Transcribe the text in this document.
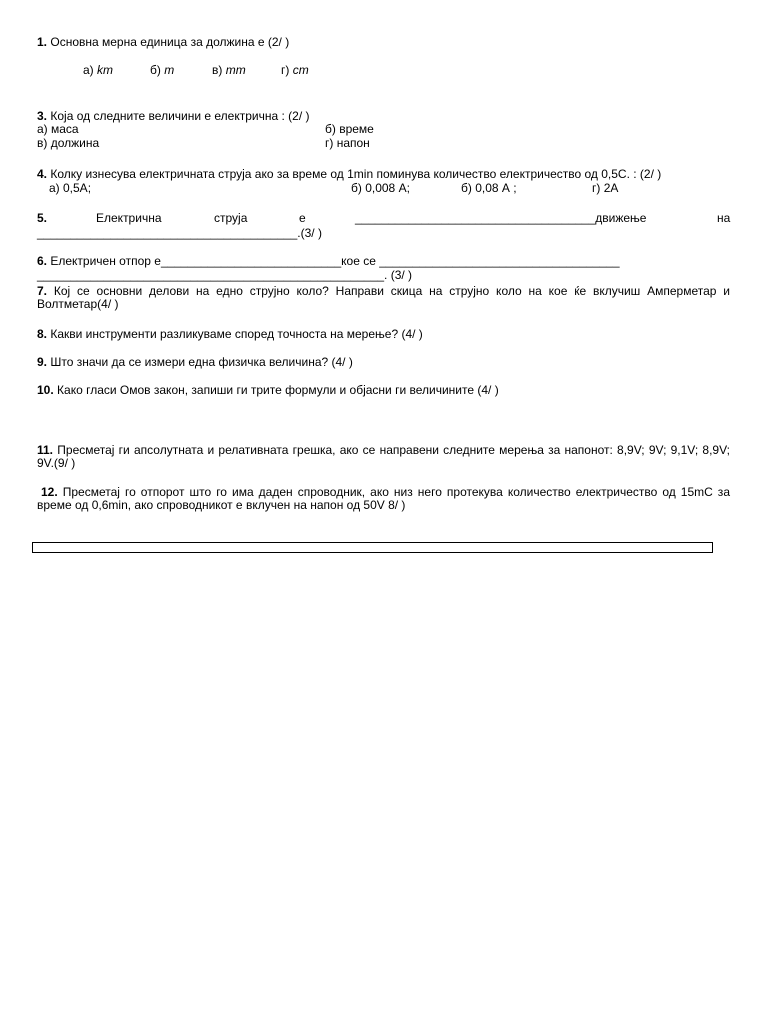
1. Основна мерна единица за должина е (2/ )
а) km	б) m	в) mm	г) cm
3. Која од следните величини е електрична : (2/ )
а) маса	б) време
в) должина	г) напон
4. Колку изнесува електричната струја ако за време од 1min поминува количество електричество од 0,5C. : (2/ )
а) 0,5А;	б) 0,008 А;	б) 0,08 А ;	г) 2А
5.	Електрична	струја	е	____________________________________движење	на
_______________________________________.(3/ )
6. Електричен отпор е___________________________кое се ____________________________________
____________________________________________________. (3/ )
7. Кој се основни делови на едно струјно коло? Направи скица на струјно коло на кое ќе вклучиш Амперметар и Волтметар(4/ )
8. Какви инструменти разликуваме според точноста на мерење? (4/ )
9. Што значи да се измери една физичка величина? (4/ )
10. Како гласи Омов закон, запиши ги трите формули и објасни ги величините (4/ )
11. Пресметај ги апсолутната и релативната грешка, ако се направени следните мерења за напонот: 8,9V; 9V; 9,1V; 8,9V; 9V.(9/ )
12. Пресметај го отпорот што го има даден спроводник, ако низ него протекува количество електричество од 15mC за време од 0,6min, ако спроводникот е вклучен на напон од 50V 8/ )
